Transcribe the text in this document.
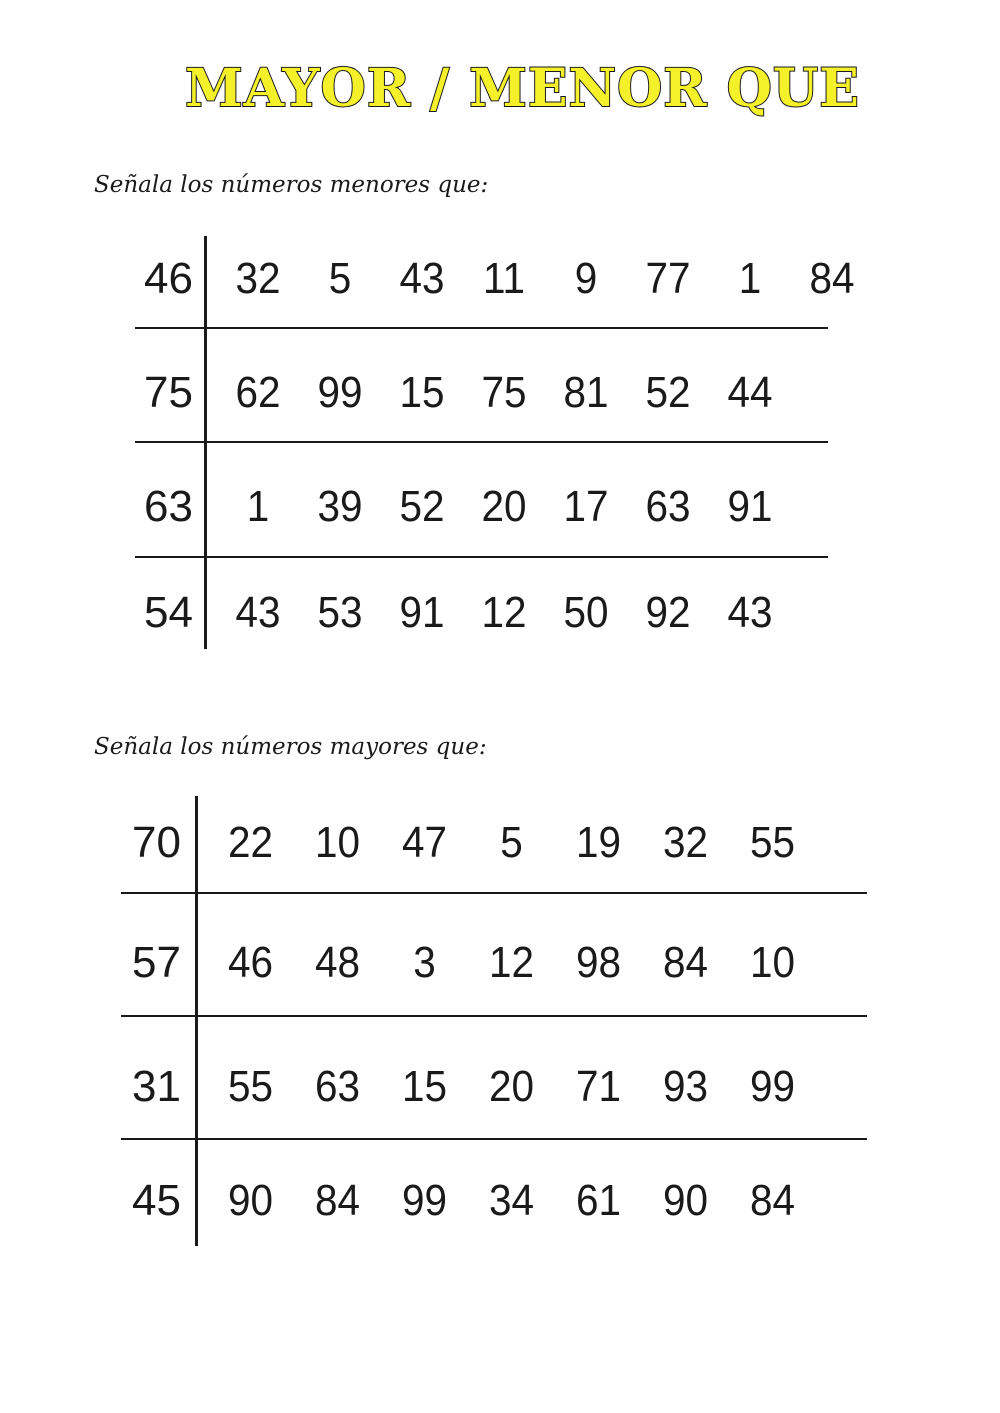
MAYOR / MENOR QUE
Señala los números menores que:
46 32	5	43 11	9	77	1	84
75 62 99 15 75 81 52 44
63	1	39 52 20 17 63 91
54 43 53 91 12 50 92 43
Señala los números mayores que:
70	22 10 47	5	19 32 55
57	46 48	3	12 98 84 10
31	55 63 15 20 71 93 99
45	90 84 99 34 61 90 84
